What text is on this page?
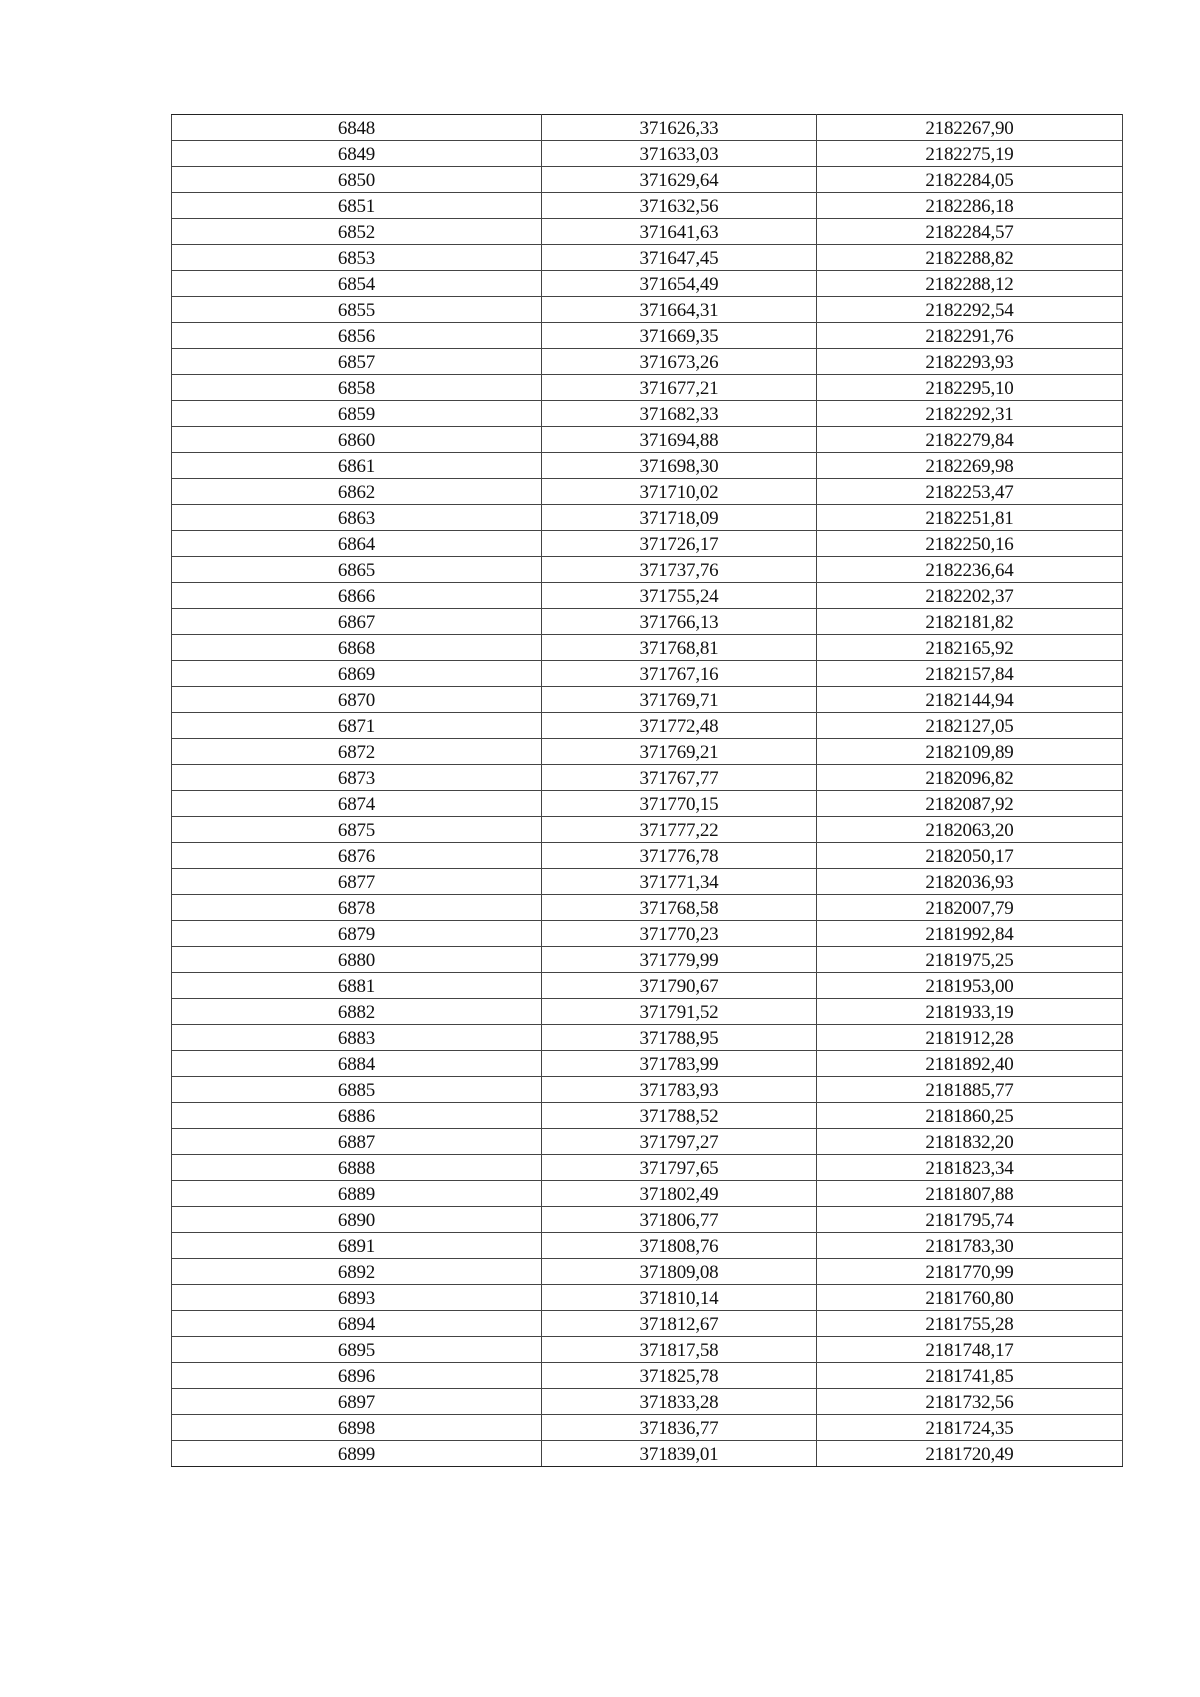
6848	371626,33	2182267,90
6849	371633,03	2182275,19
6850	371629,64	2182284,05
6851	371632,56	2182286,18
6852	371641,63	2182284,57
6853	371647,45	2182288,82
6854	371654,49	2182288,12
6855	371664,31	2182292,54
6856	371669,35	2182291,76
6857	371673,26	2182293,93
6858	371677,21	2182295,10
6859	371682,33	2182292,31
6860	371694,88	2182279,84
6861	371698,30	2182269,98
6862	371710,02	2182253,47
6863	371718,09	2182251,81
6864	371726,17	2182250,16
6865	371737,76	2182236,64
6866	371755,24	2182202,37
6867	371766,13	2182181,82
6868	371768,81	2182165,92
6869	371767,16	2182157,84
6870	371769,71	2182144,94
6871	371772,48	2182127,05
6872	371769,21	2182109,89
6873	371767,77	2182096,82
6874	371770,15	2182087,92
6875	371777,22	2182063,20
6876	371776,78	2182050,17
6877	371771,34	2182036,93
6878	371768,58	2182007,79
6879	371770,23	2181992,84
6880	371779,99	2181975,25
6881	371790,67	2181953,00
6882	371791,52	2181933,19
6883	371788,95	2181912,28
6884	371783,99	2181892,40
6885	371783,93	2181885,77
6886	371788,52	2181860,25
6887	371797,27	2181832,20
6888	371797,65	2181823,34
6889	371802,49	2181807,88
6890	371806,77	2181795,74
6891	371808,76	2181783,30
6892	371809,08	2181770,99
6893	371810,14	2181760,80
6894	371812,67	2181755,28
6895	371817,58	2181748,17
6896	371825,78	2181741,85
6897	371833,28	2181732,56
6898	371836,77	2181724,35
6899	371839,01	2181720,49
